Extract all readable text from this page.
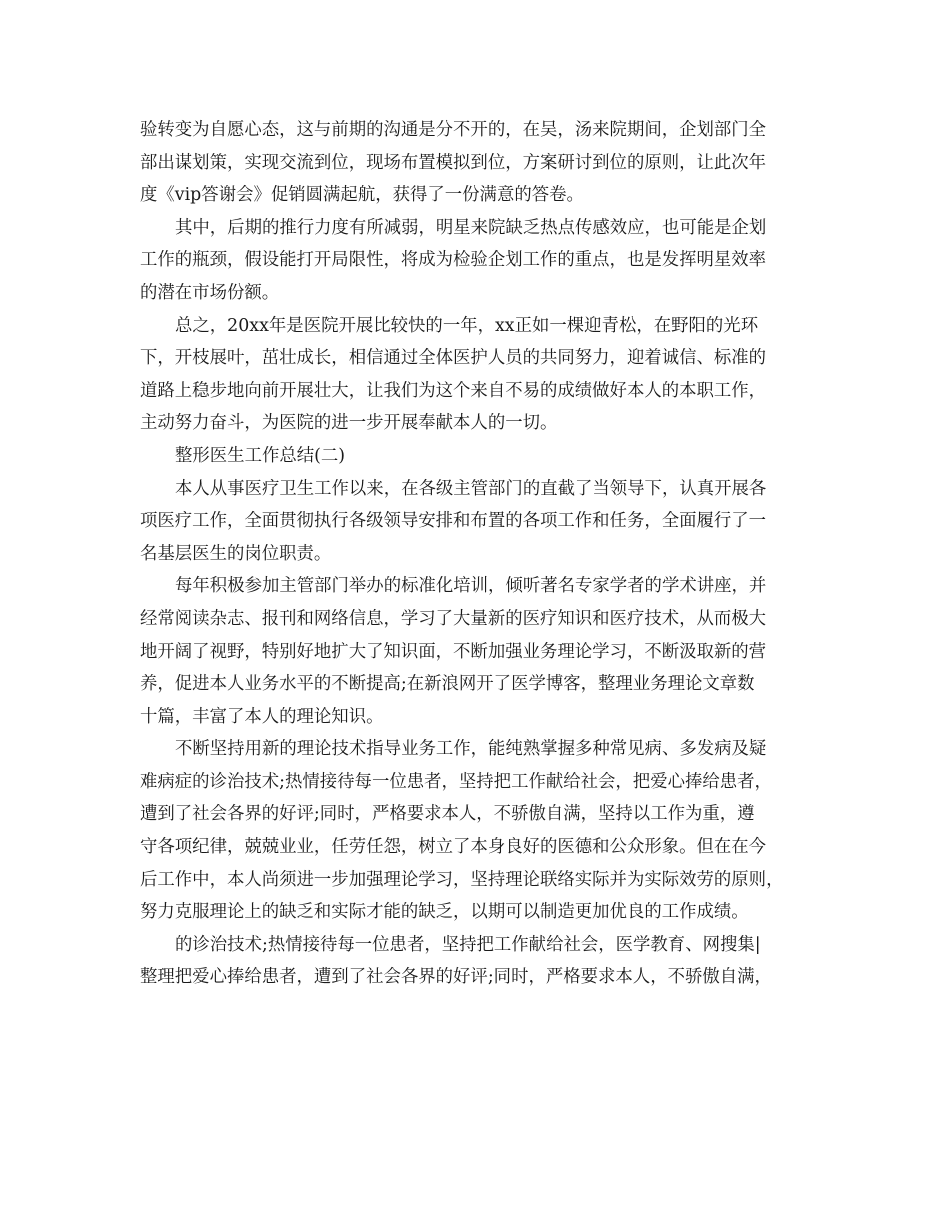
验转变为自愿心态，这与前期的沟通是分不开的，在吴，汤来院期间，企划部门全
部出谋划策，实现交流到位，现场布置模拟到位，方案研讨到位的原则，让此次年
度《vip答谢会》促销圆满起航，获得了一份满意的答卷。
其中，后期的推行力度有所减弱，明星来院缺乏热点传感效应，也可能是企划
工作的瓶颈，假设能打开局限性，将成为检验企划工作的重点，也是发挥明星效率
的潜在市场份额。
总之，20xx年是医院开展比较快的一年，xx正如一棵迎青松，在野阳的光环
下，开枝展叶，茁壮成长，相信通过全体医护人员的共同努力，迎着诚信、标准的
道路上稳步地向前开展壮大，让我们为这个来自不易的成绩做好本人的本职工作，
主动努力奋斗，为医院的进一步开展奉献本人的一切。
整形医生工作总结(二)
本人从事医疗卫生工作以来，在各级主管部门的直截了当领导下，认真开展各
项医疗工作，全面贯彻执行各级领导安排和布置的各项工作和任务，全面履行了一
名基层医生的岗位职责。
每年积极参加主管部门举办的标准化培训，倾听著名专家学者的学术讲座，并
经常阅读杂志、报刊和网络信息，学习了大量新的医疗知识和医疗技术，从而极大
地开阔了视野，特别好地扩大了知识面，不断加强业务理论学习，不断汲取新的营
养，促进本人业务水平的不断提高;在新浪网开了医学博客，整理业务理论文章数
十篇，丰富了本人的理论知识。
不断坚持用新的理论技术指导业务工作，能纯熟掌握多种常见病、多发病及疑
难病症的诊治技术;热情接待每一位患者，坚持把工作献给社会，把爱心捧给患者，
遭到了社会各界的好评;同时，严格要求本人，不骄傲自满，坚持以工作为重，遵
守各项纪律，兢兢业业，任劳任怨，树立了本身良好的医德和公众形象。但在在今
后工作中，本人尚须进一步加强理论学习，坚持理论联络实际并为实际效劳的原则，
努力克服理论上的缺乏和实际才能的缺乏，以期可以制造更加优良的工作成绩。
的诊治技术;热情接待每一位患者，坚持把工作献给社会，医学教育、网搜集|
整理把爱心捧给患者，遭到了社会各界的好评;同时，严格要求本人，不骄傲自满，
